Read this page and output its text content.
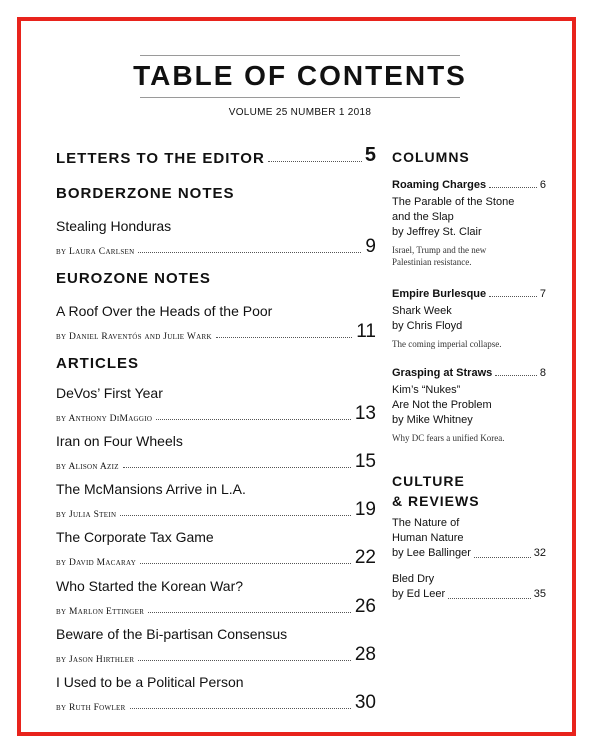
TABLE OF CONTENTS
VOLUME 25 NUMBER 1 2018
LETTERS TO THE EDITOR	5
BORDERZONE NOTES
Stealing Honduras
by Laura Carlsen	9
EUROZONE NOTES
A Roof Over the Heads of the Poor
by Daniel Raventós and Julie Wark	11
ARTICLES
DeVos’ First Year
by Anthony DiMaggio	13
Iran on Four Wheels
by Alison Aziz	15
The McMansions Arrive in L.A.
by Julia Stein	19
The Corporate Tax Game
by David Macaray	22
Who Started the Korean War?
by Marlon Ettinger	26
Beware of the Bi-partisan Consensus
by Jason Hirthler	28
I Used to be a Political Person
by Ruth Fowler	30
COLUMNS
Roaming Charges	6
The Parable of the Stone
and the Slap
by Jeffrey St. Clair
Israel, Trump and the new
Palestinian resistance.
Empire Burlesque	7
Shark Week
by Chris Floyd
The coming imperial collapse.
Grasping at Straws	8
Kim’s “Nukes”
Are Not the Problem
by Mike Whitney
Why DC fears a unified Korea.
CULTURE
& REVIEWS
The Nature of
Human Nature
by Lee Ballinger	32
Bled Dry
by Ed Leer	35
